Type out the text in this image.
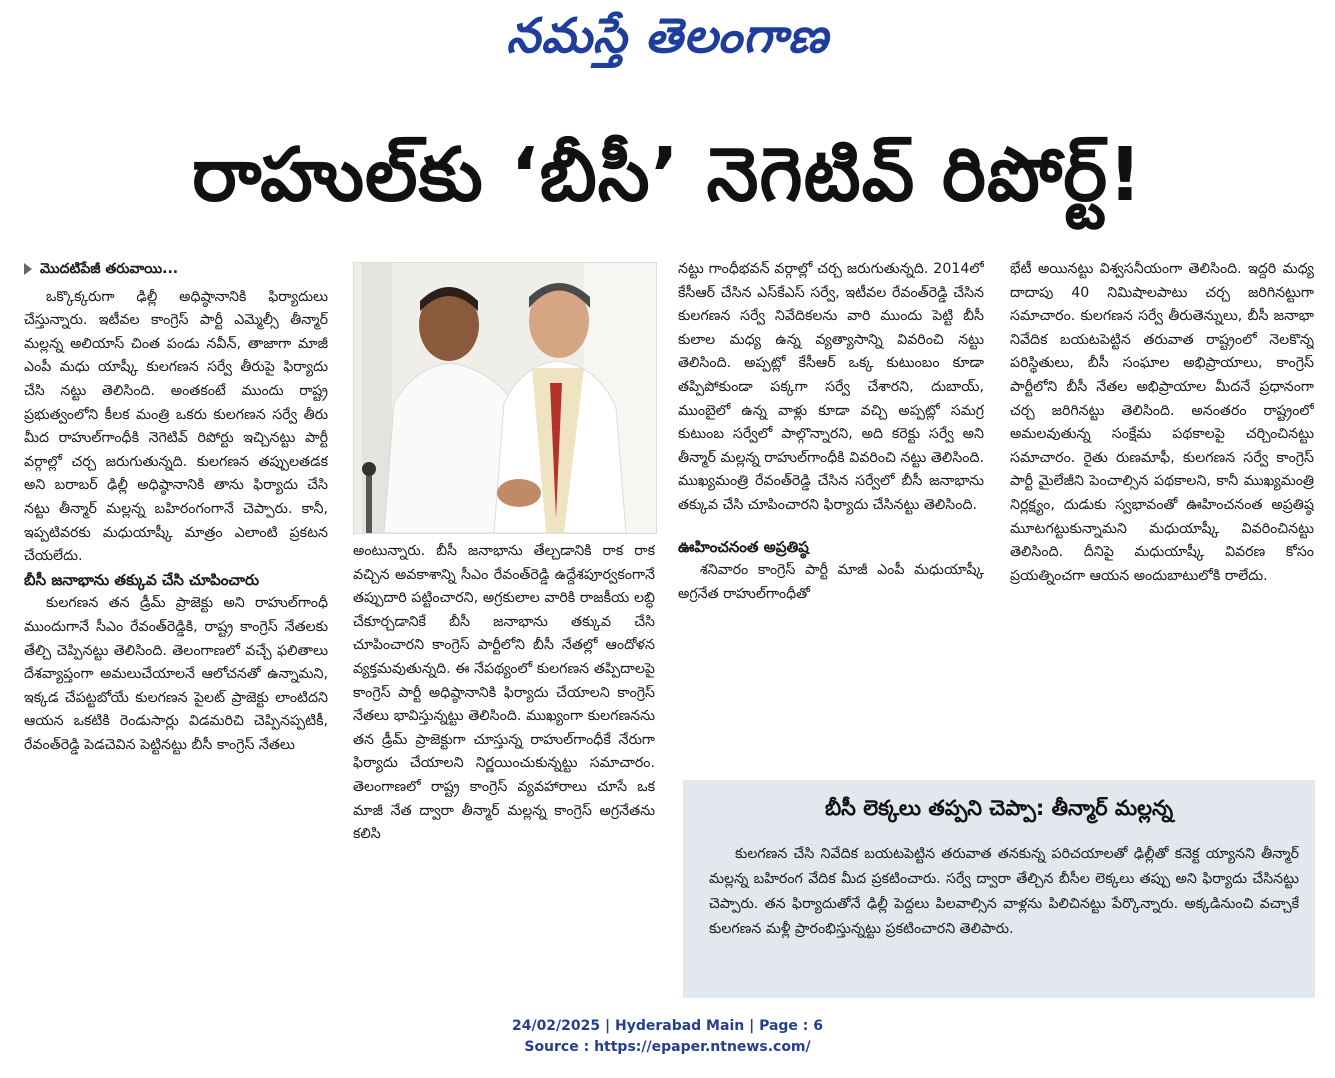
నమస్తే తెలంగాణ
రాహుల్‌కు ‘బీసీ’ నెగెటివ్ రిపోర్ట్!
మొదటిపేజీ తరువాయి...

ఒక్కొక్కరుగా ఢిల్లీ అధిష్ఠానానికి ఫిర్యాదులు చేస్తున్నారు. ఇటీవల కాంగ్రెస్ పార్టీ ఎమ్మెల్సీ తీన్మార్ మల్లన్న అలియాస్ చింత పండు నవీన్, తాజాగా మాజీ ఎంపీ మధు యాష్కీ కులగణన సర్వే తీరుపై ఫిర్యాదు చేసి నట్టు తెలిసింది. అంతకంటే ముందు రాష్ట్ర ప్రభుత్వంలోని కీలక మంత్రి ఒకరు కులగణన సర్వే తీరు మీద రాహుల్‌గాంధీకి నెగెటివ్ రిపోర్టు ఇచ్చినట్టు పార్టీ వర్గాల్లో చర్చ జరుగుతున్నది. కులగణన తప్పులతడక అని బరాబర్ ఢిల్లీ అధిష్ఠానానికి తాను ఫిర్యాదు చేసి నట్టు తీన్మార్ మల్లన్న బహిరంగంగానే చెప్పారు. కానీ, ఇప్పటివరకు మధుయాష్కీ మాత్రం ఎలాంటి ప్రకటన చేయలేదు.

బీసీ జనాభాను తక్కువ చేసి చూపించారు

కులగణన తన డ్రీమ్ ప్రాజెక్టు అని రాహుల్‌గాంధీ ముందుగానే సీఎం రేవంత్‌రెడ్డికి, రాష్ట్ర కాంగ్రెస్ నేతలకు తేల్చి చెప్పినట్టు తెలిసింది. తెలంగాణలో వచ్చే ఫలితాలు దేశవ్యాప్తంగా అమలుచేయాలనే ఆలోచనతో ఉన్నామని, ఇక్కడ చేపట్టబోయే కులగణన పైలట్ ప్రాజెక్టు లాంటిదని ఆయన ఒకటికి రెండుసార్లు విడమరిచి చెప్పినప్పటికీ, రేవంత్‌రెడ్డి పెడచెవిన పెట్టినట్టు బీసీ కాంగ్రెస్ నేతలు

అంటున్నారు. బీసీ జనాభాను తేల్చడానికి రాక రాక వచ్చిన అవకాశాన్ని సీఎం రేవంత్‌రెడ్డి ఉద్దేశపూర్వకంగానే తప్పుదారి పట్టించారని, అగ్రకులాల వారికి రాజకీయ లబ్ధి చేకూర్చడానికే బీసీ జనాభాను తక్కువ చేసి చూపించారని కాంగ్రెస్ పార్టీలోని బీసీ నేతల్లో ఆందోళన వ్యక్తమవుతున్నది. ఈ నేపథ్యంలో కులగణన తప్పిదాలపై కాంగ్రెస్ పార్టీ అధిష్ఠానానికి ఫిర్యాదు చేయాలని కాంగ్రెస్ నేతలు భావిస్తున్నట్టు తెలిసింది. ముఖ్యంగా కులగణనను తన డ్రీమ్ ప్రాజెక్టుగా చూస్తున్న రాహుల్‌గాంధీకే నేరుగా ఫిర్యాదు చేయాలని నిర్ణయించుకున్నట్టు సమాచారం. తెలంగాణలో రాష్ట్ర కాంగ్రెస్ వ్యవహారాలు చూసే ఒక మాజీ నేత ద్వారా తీన్మార్ మల్లన్న కాంగ్రెస్ అగ్రనేతను కలిసి

నట్టు గాంధీభవన్ వర్గాల్లో చర్చ జరుగుతున్నది. 2014లో కేసీఆర్ చేసిన ఎస్‌కేఎస్ సర్వే, ఇటీవల రేవంత్‌రెడ్డి చేసిన కులగణన సర్వే నివేదికలను వారి ముందు పెట్టి బీసీ కులాల మధ్య ఉన్న వ్యత్యాసాన్ని వివరించి నట్టు తెలిసింది. అప్పట్లో కేసీఆర్ ఒక్క కుటుంబం కూడా తప్పిపోకుండా పక్కగా సర్వే చేశారని, దుబాయ్, ముంబైలో ఉన్న వాళ్లు కూడా వచ్చి అప్పట్లో సమగ్ర కుటుంబ సర్వేలో పాల్గొన్నారని, అది కరెక్టు సర్వే అని తీన్మార్ మల్లన్న రాహుల్‌గాంధీకి వివరించి నట్టు తెలిసింది. ముఖ్యమంత్రి రేవంత్‌రెడ్డి చేసిన సర్వేలో బీసీ జనాభాను తక్కువ చేసి చూపించారని ఫిర్యాదు చేసినట్టు తెలిసింది.

ఊహించనంత అప్రతిష్ఠ

శనివారం కాంగ్రెస్ పార్టీ మాజీ ఎంపీ మధుయాష్కీ అగ్రనేత రాహుల్‌గాంధీతో

భేటీ అయినట్టు విశ్వసనీయంగా తెలిసింది. ఇద్దరి మధ్య దాదాపు 40 నిమిషాలపాటు చర్చ జరిగినట్టుగా సమాచారం. కులగణన సర్వే తీరుతెన్నులు, బీసీ జనాభా నివేదిక బయటపెట్టిన తరువాత రాష్ట్రంలో నెలకొన్న పరిస్థితులు, బీసీ సంఘాల అభిప్రాయాలు, కాంగ్రెస్ పార్టీలోని బీసీ నేతల అభిప్రాయాల మీదనే ప్రధానంగా చర్చ జరిగినట్టు తెలిసింది. అనంతరం రాష్ట్రంలో అమలవుతున్న సంక్షేమ పథకాలపై చర్చించినట్టు సమాచారం. రైతు రుణమాఫీ, కులగణన సర్వే కాంగ్రెస్ పార్టీ మైలేజీని పెంచాల్సిన పథకాలని, కానీ ముఖ్యమంత్రి నిర్లక్ష్యం, దుడుకు స్వభావంతో ఊహించనంత అప్రతిష్ఠ మూటగట్టుకున్నామని మధుయాష్కీ వివరించినట్టు తెలిసింది. దీనిపై మధుయాష్కీ వివరణ కోసం ప్రయత్నించగా ఆయన అందుబాటులోకి రాలేదు.

బీసీ లెక్కలు తప్పని చెప్పా: తీన్మార్ మల్లన్న

కులగణన చేసి నివేదిక బయటపెట్టిన తరువాత తనకున్న పరిచయాలతో ఢిల్లీతో కనెక్ట య్యానని తీన్మార్ మల్లన్న బహిరంగ వేదిక మీద ప్రకటించారు. సర్వే ద్వారా తేల్చిన బీసీల లెక్కలు తప్పు అని ఫిర్యాదు చేసినట్టు చెప్పారు. తన ఫిర్యాదుతోనే ఢిల్లీ పెద్దలు పిలవాల్సిన వాళ్లను పిలిచినట్టు పేర్కొన్నారు. అక్కడినుంచి వచ్చాకే కులగణన మళ్లీ ప్రారంభిస్తున్నట్టు ప్రకటించారని తెలిపారు.

24/02/2025 | Hyderabad Main | Page : 6
Source : https://epaper.ntnews.com/
